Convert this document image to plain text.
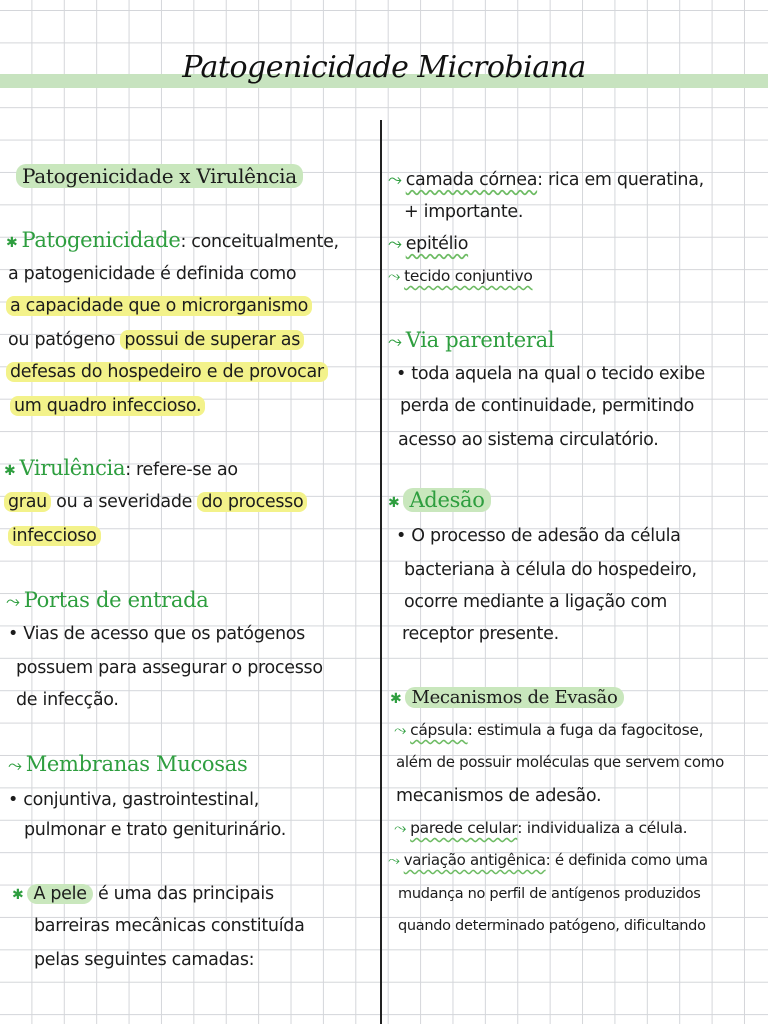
Patogenicidade Microbiana
Patogenicidade x Virulência
✱ Patogenicidade: conceitualmente,
a patogenicidade é definida como
a capacidade que o microrganismo
ou patógeno possui de superar as
defesas do hospedeiro e de provocar
um quadro infeccioso.
✱ Virulência: refere-se ao
grau ou a severidade do processo
infeccioso
⤳ Portas de entrada
• Vias de acesso que os patógenos
possuem para assegurar o processo
de infecção.
⤳ Membranas Mucosas
• conjuntiva, gastrointestinal,
pulmonar e trato geniturinário.
✱ A pele é uma das principais
barreiras mecânicas constituída
pelas seguintes camadas:
⤳ camada córnea: rica em queratina,
+ importante.
⤳ epitélio
⤳ tecido conjuntivo
⤳ Via parenteral
• toda aquela na qual o tecido exibe
perda de continuidade, permitindo
acesso ao sistema circulatório.
✱ Adesão
• O processo de adesão da célula
bacteriana à célula do hospedeiro,
ocorre mediante a ligação com
receptor presente.
✱ Mecanismos de Evasão
⤳ cápsula: estimula a fuga da fagocitose,
além de possuir moléculas que servem como
mecanismos de adesão.
⤳ parede celular: individualiza a célula.
⤳ variação antigênica: é definida como uma
mudança no perfil de antígenos produzidos
quando determinado patógeno, dificultando
